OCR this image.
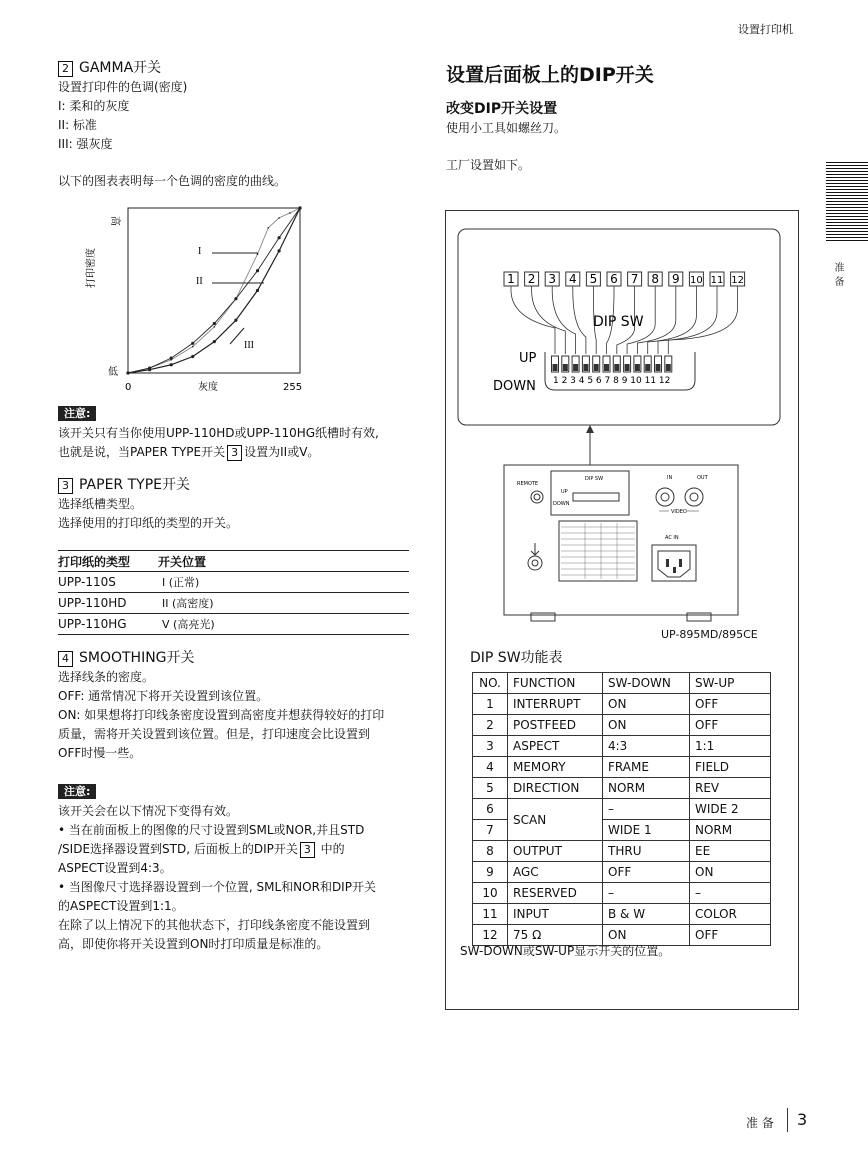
设置打印机
2 GAMMA开关
设置打印件的色调(密度)
I: 柔和的灰度
II: 标准
III: 强灰度
以下的图表表明每一个色调的密度的曲线。
高
低
打印密度
0	灰度	255
I
II
III
注意:
该开关只有当你使用UPP-110HD或UPP-110HG纸槽时有效,
也就是说，当PAPER TYPE开关 3 设置为II或V。
3 PAPER TYPE开关
选择纸槽类型。
选择使用的打印纸的类型的开关。
打印纸的类型	开关位置
UPP-110S	I (正常)
UPP-110HD	II (高密度)
UPP-110HG	V (高亮光)
4 SMOOTHING开关
选择线条的密度。
OFF: 通常情况下将开关设置到该位置。
ON: 如果想将打印线条密度设置到高密度并想获得较好的打印
质量，需将开关设置到该位置。但是，打印速度会比设置到
OFF时慢一些。
注意:
该开关会在以下情况下变得有效。
• 当在前面板上的图像的尺寸设置到SML或NOR,并且STD
/SIDE选择器设置到STD, 后面板上的DIP开关 3 中的
ASPECT设置到4:3。
• 当图像尺寸选择器设置到一个位置, SML和NOR和DIP开关
的ASPECT设置到1:1。
在除了以上情况下的其他状态下，打印线条密度不能设置到
高，即使你将开关设置到ON时打印质量是标准的。
设置后面板上的DIP开关
改变DIP开关设置
使用小工具如螺丝刀。
工厂设置如下。
1 2 3 4 5 6 7 8 9 10 11 12
DIP SW
UP
DOWN 1 2 3 4 5 6 7 8 9 10 11 12
REMOTE
DIP SW
UP
DOWN
IN	OUT
VIDEO
AC IN
UP-895MD/895CE
DIP SW功能表
NO.	FUNCTION	SW-DOWN	SW-UP
1	INTERRUPT	ON	OFF
2	POSTFEED	ON	OFF
3	ASPECT	4:3	1:1
4	MEMORY	FRAME	FIELD
5	DIRECTION	NORM	REV
6	SCAN	–	WIDE 2
7		WIDE 1	NORM
8	OUTPUT	THRU	EE
9	AGC	OFF	ON
10	RESERVED	–	–
11	INPUT	B & W	COLOR
12	75 Ω	ON	OFF
SW-DOWN或SW-UP显示开关的位置。
准备
准 备 3
